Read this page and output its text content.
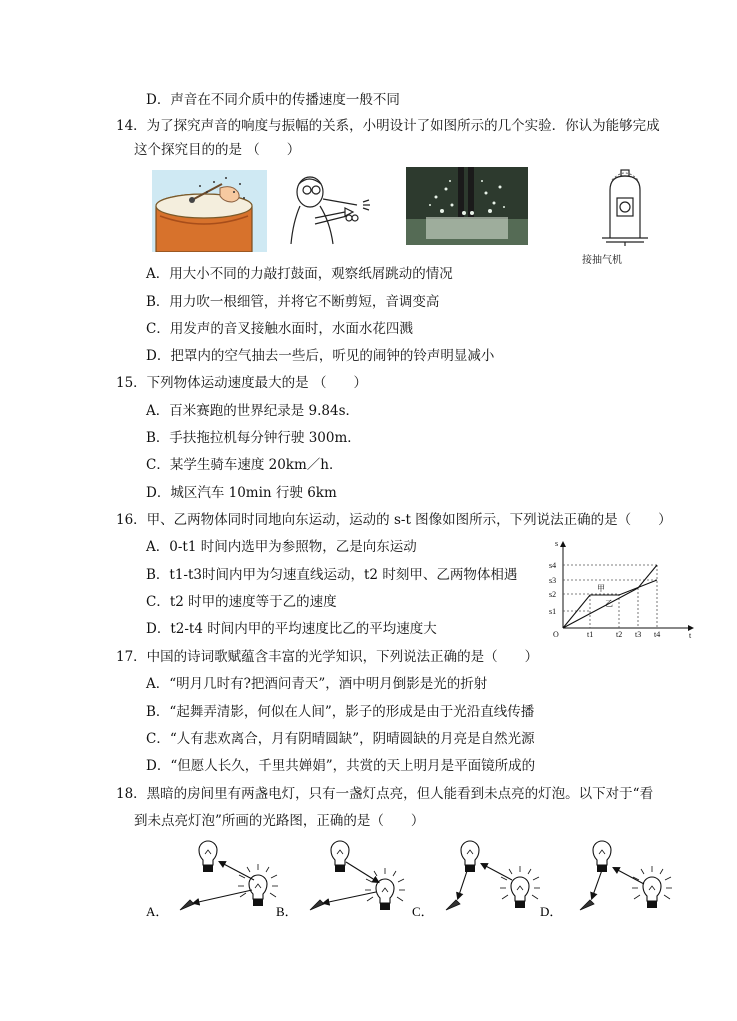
D．声音在不同介质中的传播速度一般不同
14．为了探究声音的响度与振幅的关系，小明设计了如图所示的几个实验．你认为能够完成
这个探究目的的是 （　　）
接抽气机
A．用大小不同的力敲打鼓面，观察纸屑跳动的情况
B．用力吹一根细管，并将它不断剪短，音调变高
C．用发声的音叉接触水面时，水面水花四溅
D．把罩内的空气抽去一些后，听见的闹钟的铃声明显减小
15．下列物体运动速度最大的是 （　　）
A．百米赛跑的世界纪录是 9.84s．
B．手扶拖拉机每分钟行驶 300m．
C．某学生骑车速度 20km／h．
D．城区汽车 10min 行驶 6km
16．甲、乙两物体同时同地向东运动，运动的 s-t 图像如图所示，下列说法正确的是（　　）
A．0-t1 时间内选甲为参照物，乙是向东运动
B．t1-t3时间内甲为匀速直线运动，t2 时刻甲、乙两物体相遇
C．t2 时甲的速度等于乙的速度
D．t2-t4 时间内甲的平均速度比乙的平均速度大
s
t
O
s4
s3
s2
s1
t1	t2 t3 t4
甲
乙
17．中国的诗词歌赋蕴含丰富的光学知识，下列说法正确的是（　　）
A．“明月几时有?把酒问青天”，酒中明月倒影是光的折射
B．“起舞弄清影，何似在人间”，影子的形成是由于光沿直线传播
C．“人有悲欢离合，月有阴晴圆缺”，阴晴圆缺的月亮是自然光源
D．“但愿人长久，千里共婵娟”，共赏的天上明月是平面镜所成的
18．黑暗的房间里有两盏电灯，只有一盏灯点亮，但人能看到未点亮的灯泡。以下对于“看
到未点亮灯泡”所画的光路图，正确的是（　　）
A．	B．	C．	D．
